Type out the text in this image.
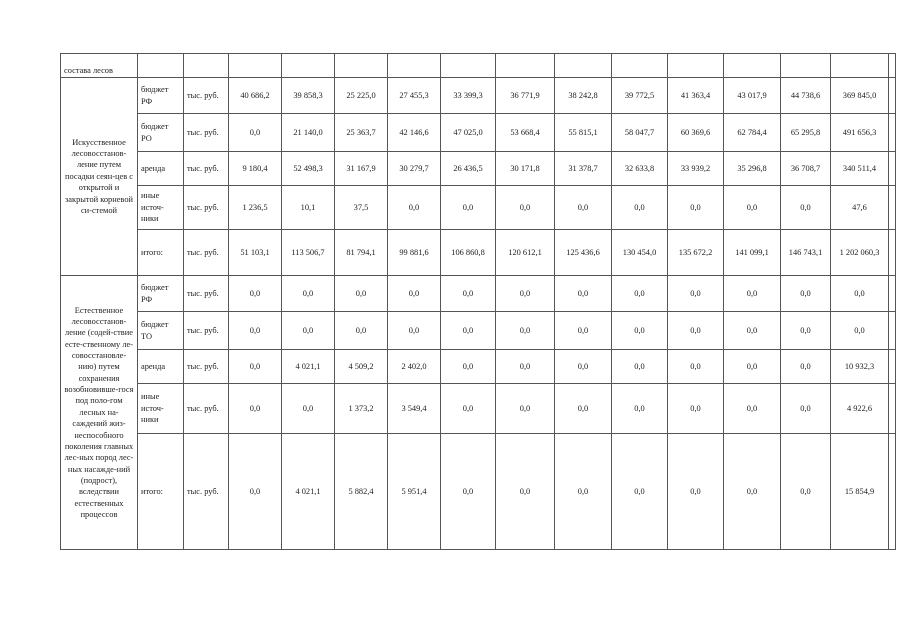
состава лесов															
Искусственное лесовосстанов-ление путем посадки сеян-цев с открытой и закрытой корневой си-стемой	бюджет РФ	тыс. руб.	40 686,2	39 858,3	25 225,0	27 455,3	33 399,3	36 771,9	38 242,8	39 772,5	41 363,4	43 017,9	44 738,6	369 845,0	
	бюджет РО	тыс. руб.	0,0	21 140,0	25 363,7	42 146,6	47 025,0	53 668,4	55 815,1	58 047,7	60 369,6	62 784,4	65 295,8	491 656,3	
	аренда	тыс. руб.	9 180,4	52 498,3	31 167,9	30 279,7	26 436,5	30 171,8	31 378,7	32 633,8	33 939,2	35 296,8	36 708,7	340 511,4	
	иные источ-ники	тыс. руб.	1 236,5	10,1	37,5	0,0	0,0	0,0	0,0	0,0	0,0	0,0	0,0	47,6	
	итого:	тыс. руб.	51 103,1	113 506,7	81 794,1	99 881,6	106 860,8	120 612,1	125 436,6	130 454,0	135 672,2	141 099,1	146 743,1	1 202 060,3	
Естественное лесовосстанов-ление (содей-ствие есте-ственному ле-совосстановле-нию) путем сохранения возобновивше-гося под поло-гом лесных на-саждений жиз-неспособного поколения главных лес-ных пород лес-ных насажде-ний (подрост), вследствии естественных процессов	бюджет РФ	тыс. руб.	0,0	0,0	0,0	0,0	0,0	0,0	0,0	0,0	0,0	0,0	0,0	0,0	
	бюджет ТО	тыс. руб.	0,0	0,0	0,0	0,0	0,0	0,0	0,0	0,0	0,0	0,0	0,0	0,0	
	аренда	тыс. руб.	0,0	4 021,1	4 509,2	2 402,0	0,0	0,0	0,0	0,0	0,0	0,0	0,0	10 932,3	
	иные источ-ники	тыс. руб.	0,0	0,0	1 373,2	3 549,4	0,0	0,0	0,0	0,0	0,0	0,0	0,0	4 922,6	
	итого:	тыс. руб.	0,0	4 021,1	5 882,4	5 951,4	0,0	0,0	0,0	0,0	0,0	0,0	0,0	15 854,9	
